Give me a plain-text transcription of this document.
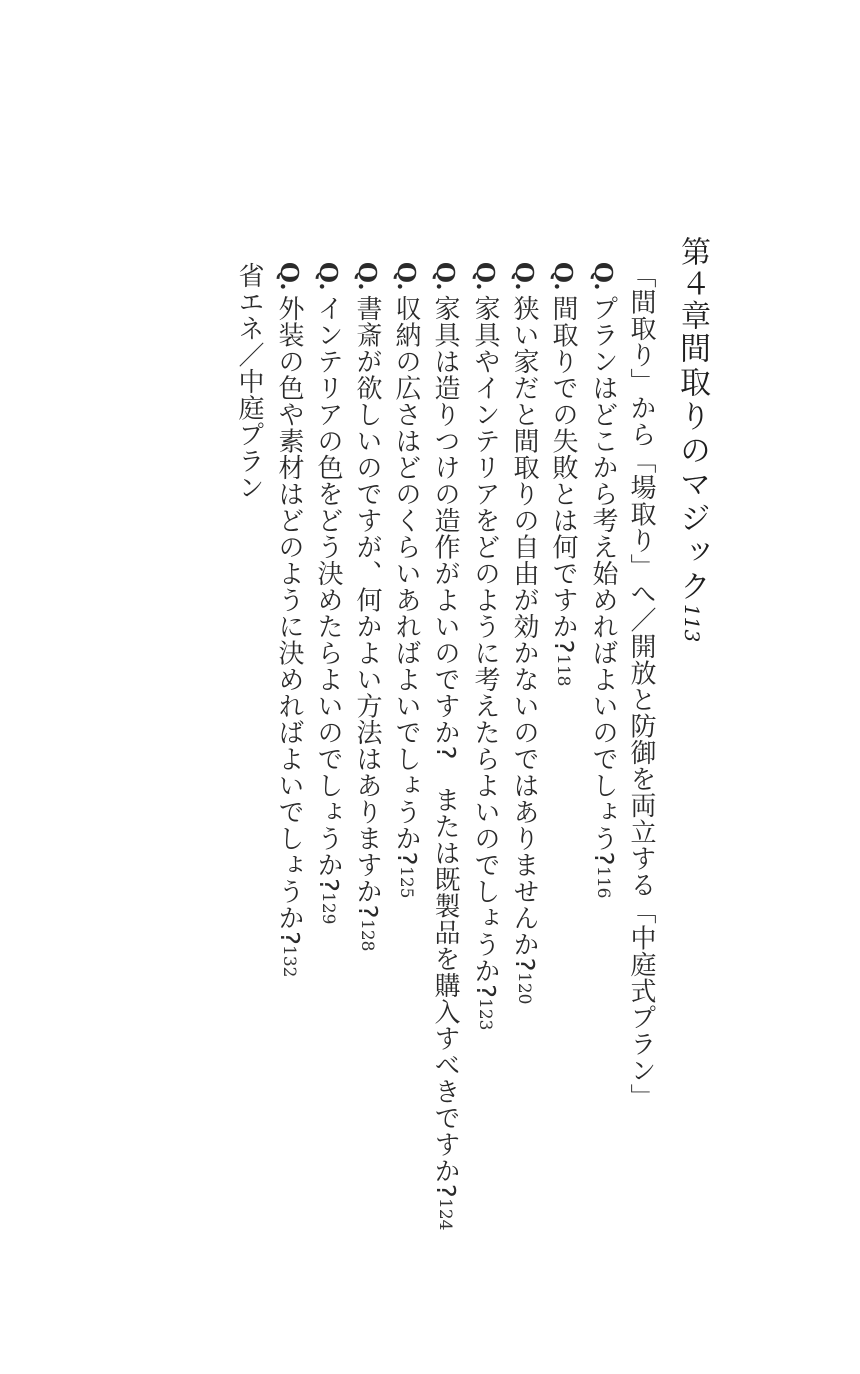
第４章間取りのマジック113
「間取り」から「場取り」へ／開放と防御を両立する「中庭式プラン」
Q.プランはどこから考え始めればよいのでしょう?116
Q.間取りでの失敗とは何ですか?118
Q.狭い家だと間取りの自由が効かないのではありませんか?120
Q.家具やインテリアをどのように考えたらよいのでしょうか?123
Q.家具は造りつけの造作がよいのですか?　または既製品を購入すべきですか?124
Q.収納の広さはどのくらいあればよいでしょうか?125
Q.書斎が欲しいのですが、何かよい方法はありますか?128
Q.インテリアの色をどう決めたらよいのでしょうか?129
Q.外装の色や素材はどのように決めればよいでしょうか?132
省エネ／中庭プラン
